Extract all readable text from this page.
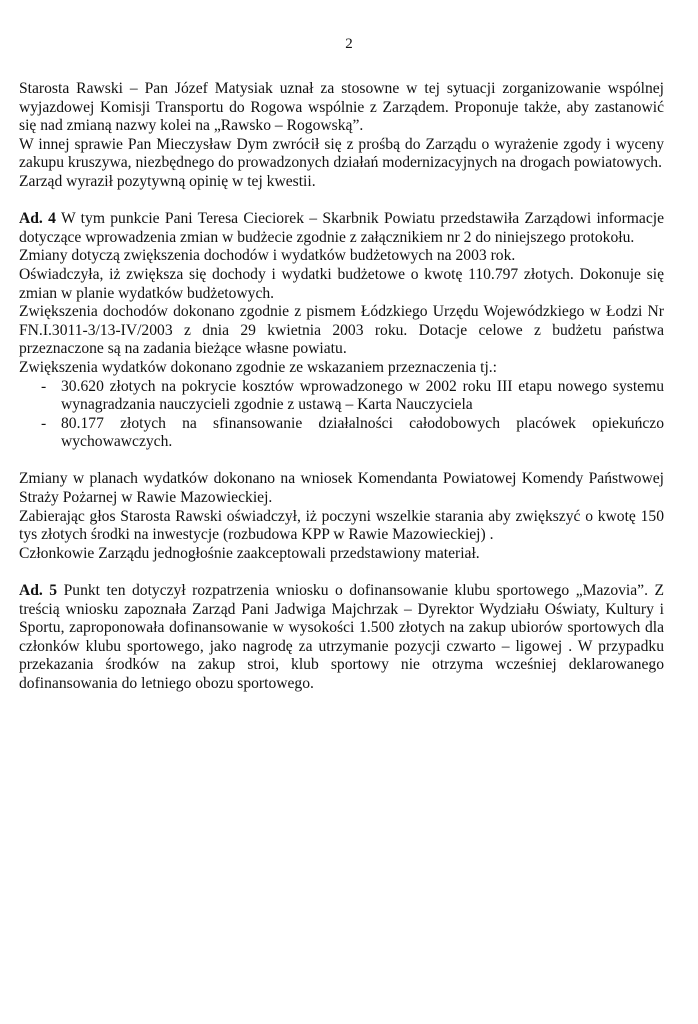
2

Starosta Rawski – Pan Józef Matysiak uznał za stosowne w tej sytuacji zorganizowanie wspólnej wyjazdowej Komisji Transportu do Rogowa wspólnie z Zarządem. Proponuje także, aby zastanowić się nad zmianą nazwy kolei na „Rawsko – Rogowską”.

W innej sprawie Pan Mieczysław Dym zwrócił się z prośbą do Zarządu o wyrażenie zgody i wyceny zakupu kruszywa, niezbędnego do prowadzonych działań modernizacyjnych na drogach powiatowych.

Zarząd wyraził pozytywną opinię w tej kwestii.

Ad. 4 W tym punkcie Pani Teresa Cieciorek – Skarbnik Powiatu przedstawiła Zarządowi informacje dotyczące wprowadzenia zmian w budżecie zgodnie z załącznikiem nr 2 do niniejszego protokołu.

Zmiany dotyczą zwiększenia dochodów i wydatków budżetowych na 2003 rok.

Oświadczyła, iż zwiększa się dochody i wydatki budżetowe o kwotę 110.797 złotych. Dokonuje się zmian w planie wydatków budżetowych.

Zwiększenia dochodów dokonano zgodnie z pismem Łódzkiego Urzędu Wojewódzkiego w Łodzi Nr FN.I.3011-3/13-IV/2003 z dnia 29 kwietnia 2003 roku. Dotacje celowe z budżetu państwa przeznaczone są na zadania bieżące własne powiatu.

Zwiększenia wydatków dokonano zgodnie ze wskazaniem przeznaczenia tj.:

- 30.620 złotych na pokrycie kosztów wprowadzonego w 2002 roku III etapu nowego systemu wynagradzania nauczycieli zgodnie z ustawą – Karta Nauczyciela
- 80.177 złotych na sfinansowanie działalności całodobowych placówek opiekuńczo wychowawczych.

Zmiany w planach wydatków dokonano na wniosek Komendanta Powiatowej Komendy Państwowej Straży Pożarnej w Rawie Mazowieckiej.

Zabierając głos Starosta Rawski oświadczył, iż poczyni wszelkie starania aby zwiększyć o kwotę 150 tys złotych środki na inwestycje (rozbudowa KPP w Rawie Mazowieckiej) .

Członkowie Zarządu jednogłośnie zaakceptowali przedstawiony materiał.

Ad. 5 Punkt ten dotyczył rozpatrzenia wniosku o dofinansowanie klubu sportowego „Mazovia”. Z treścią wniosku zapoznała Zarząd Pani Jadwiga Majchrzak – Dyrektor Wydziału Oświaty, Kultury i Sportu, zaproponowała dofinansowanie w wysokości 1.500 złotych na zakup ubiorów sportowych dla członków klubu sportowego, jako nagrodę za utrzymanie pozycji czwarto – ligowej . W przypadku przekazania środków na zakup stroi, klub sportowy nie otrzyma wcześniej deklarowanego dofinansowania do letniego obozu sportowego.
